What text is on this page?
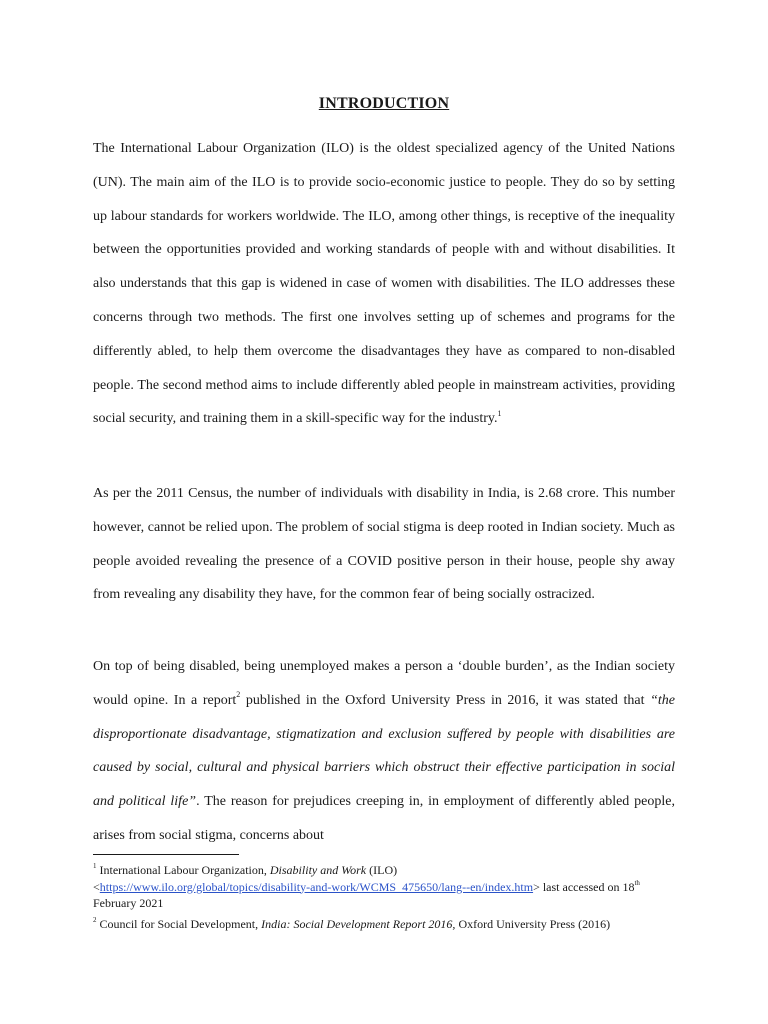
INTRODUCTION

The International Labour Organization (ILO) is the oldest specialized agency of the United Nations (UN). The main aim of the ILO is to provide socio-economic justice to people. They do so by setting up labour standards for workers worldwide. The ILO, among other things, is receptive of the inequality between the opportunities provided and working standards of people with and without disabilities. It also understands that this gap is widened in case of women with disabilities. The ILO addresses these concerns through two methods. The first one involves setting up of schemes and programs for the differently abled, to help them overcome the disadvantages they have as compared to non-disabled people. The second method aims to include differently abled people in mainstream activities, providing social security, and training them in a skill-specific way for the industry.$^1$

As per the 2011 Census, the number of individuals with disability in India, is 2.68 crore. This number however, cannot be relied upon. The problem of social stigma is deep rooted in Indian society. Much as people avoided revealing the presence of a COVID positive person in their house, people shy away from revealing any disability they have, for the common fear of being socially ostracized.

On top of being disabled, being unemployed makes a person a ‘double burden’, as the Indian society would opine. In a report$^2$ published in the Oxford University Press in 2016, it was stated that “the disproportionate disadvantage, stigmatization and exclusion suffered by people with disabilities are caused by social, cultural and physical barriers which obstruct their effective participation in social and political life”. The reason for prejudices creeping in, in employment of differently abled people, arises from social stigma, concerns about

$^1$ International Labour Organization, Disability and Work (ILO)
<https://www.ilo.org/global/topics/disability-and-work/WCMS_475650/lang--en/index.htm> last accessed on 18th February 2021

$^2$ Council for Social Development, India: Social Development Report 2016, Oxford University Press (2016)
